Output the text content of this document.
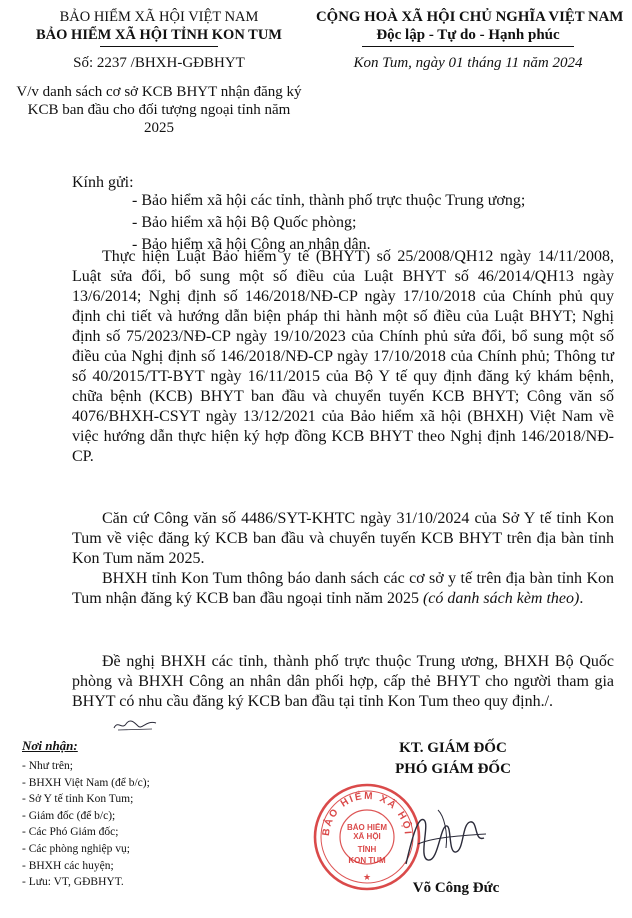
BẢO HIỂM XÃ HỘI VIỆT NAM
BẢO HIỂM XÃ HỘI TỈNH KON TUM
Số: 2237 /BHXH-GĐBHYT
V/v danh sách cơ sở KCB BHYT nhận đăng ký KCB ban đầu cho đối tượng ngoại tỉnh năm 2025
CỘNG HOÀ XÃ HỘI CHỦ NGHĨA VIỆT NAM
Độc lập - Tự do - Hạnh phúc
Kon Tum, ngày 01 tháng 11 năm 2024
Kính gửi:
- Bảo hiểm xã hội các tỉnh, thành phố trực thuộc Trung ương;
- Bảo hiểm xã hội Bộ Quốc phòng;
- Bảo hiểm xã hội Công an nhân dân.
Thực hiện Luật Bảo hiểm y tế (BHYT) số 25/2008/QH12 ngày 14/11/2008, Luật sửa đổi, bổ sung một số điều của Luật BHYT số 46/2014/QH13 ngày 13/6/2014; Nghị định số 146/2018/NĐ-CP ngày 17/10/2018 của Chính phủ quy định chi tiết và hướng dẫn biện pháp thi hành một số điều của Luật BHYT; Nghị định số 75/2023/NĐ-CP ngày 19/10/2023 của Chính phủ sửa đổi, bổ sung một số điều của Nghị định số 146/2018/NĐ-CP ngày 17/10/2018 của Chính phủ; Thông tư số 40/2015/TT-BYT ngày 16/11/2015 của Bộ Y tế quy định đăng ký khám bệnh, chữa bệnh (KCB) BHYT ban đầu và chuyển tuyến KCB BHYT; Công văn số 4076/BHXH-CSYT ngày 13/12/2021 của Bảo hiểm xã hội (BHXH) Việt Nam về việc hướng dẫn thực hiện ký hợp đồng KCB BHYT theo Nghị định 146/2018/NĐ-CP.
Căn cứ Công văn số 4486/SYT-KHTC ngày 31/10/2024 của Sở Y tế tỉnh Kon Tum về việc đăng ký KCB ban đầu và chuyển tuyến KCB BHYT trên địa bàn tỉnh Kon Tum năm 2025.
BHXH tỉnh Kon Tum thông báo danh sách các cơ sở y tế trên địa bàn tỉnh Kon Tum nhận đăng ký KCB ban đầu ngoại tỉnh năm 2025 (có danh sách kèm theo).
Đề nghị BHXH các tỉnh, thành phố trực thuộc Trung ương, BHXH Bộ Quốc phòng và BHXH Công an nhân dân phối hợp, cấp thẻ BHYT cho người tham gia BHYT có nhu cầu đăng ký KCB ban đầu tại tỉnh Kon Tum theo quy định./.
Nơi nhận:
- Như trên;
- BHXH Việt Nam (để b/c);
- Sở Y tế tỉnh Kon Tum;
- Giám đốc (để b/c);
- Các Phó Giám đốc;
- Các phòng nghiệp vụ;
- BHXH các huyện;
- Lưu: VT, GĐBHYT.
KT. GIÁM ĐỐC
PHÓ GIÁM ĐỐC
BẢO HIỂM XÃ HỘI
BẢO HIỂM
XÃ HỘI
TỈNH
KON TUM
★
Võ Công Đức
